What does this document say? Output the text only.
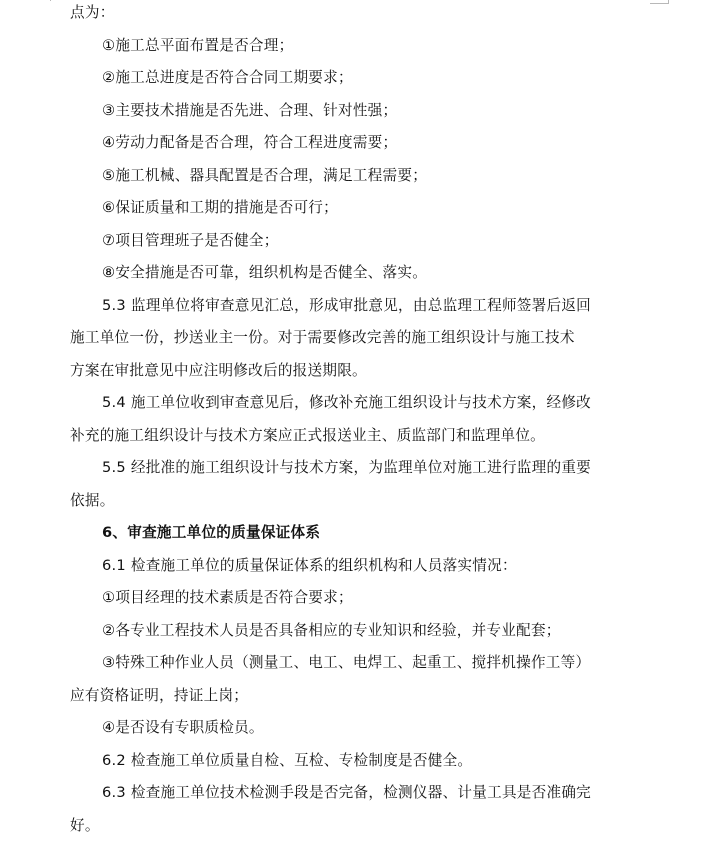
点为：
①施工总平面布置是否合理；
②施工总进度是否符合合同工期要求；
③主要技术措施是否先进、合理、针对性强；
④劳动力配备是否合理，符合工程进度需要；
⑤施工机械、器具配置是否合理，满足工程需要；
⑥保证质量和工期的措施是否可行；
⑦项目管理班子是否健全；
⑧安全措施是否可靠，组织机构是否健全、落实。
5.3 监理单位将审查意见汇总，形成审批意见，由总监理工程师签署后返回
施工单位一份，抄送业主一份。对于需要修改完善的施工组织设计与施工技术
方案在审批意见中应注明修改后的报送期限。
5.4 施工单位收到审查意见后，修改补充施工组织设计与技术方案，经修改
补充的施工组织设计与技术方案应正式报送业主、质监部门和监理单位。
5.5 经批准的施工组织设计与技术方案，为监理单位对施工进行监理的重要
依据。
6、审查施工单位的质量保证体系
6.1 检查施工单位的质量保证体系的组织机构和人员落实情况：
①项目经理的技术素质是否符合要求；
②各专业工程技术人员是否具备相应的专业知识和经验，并专业配套；
③特殊工种作业人员（测量工、电工、电焊工、起重工、搅拌机操作工等）
应有资格证明，持证上岗；
④是否设有专职质检员。
6.2 检查施工单位质量自检、互检、专检制度是否健全。
6.3 检查施工单位技术检测手段是否完备，检测仪器、计量工具是否准确完
好。
